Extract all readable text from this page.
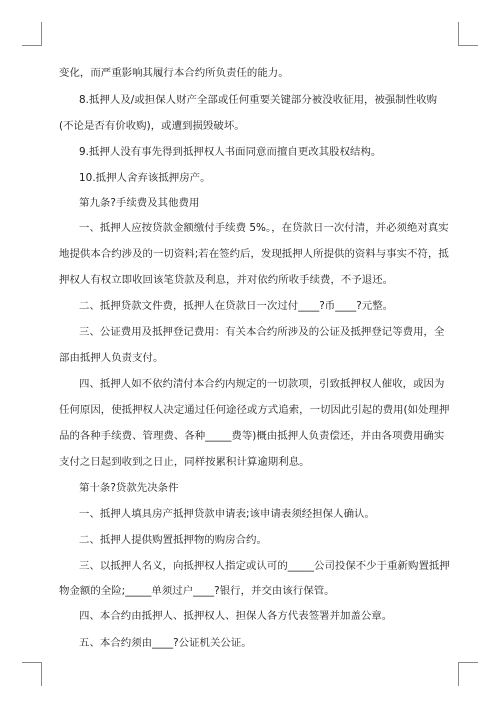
变化，而严重影响其履行本合约所负责任的能力。
8.抵押人及/或担保人财产全部或任何重要关键部分被没收征用，被强制性收购
(不论是否有价收购)，或遭到损毁破坏。
9.抵押人没有事先得到抵押权人书面同意而擅自更改其股权结构。
10.抵押人舍弃该抵押房产。
第九条?手续费及其他费用
一、抵押人应按贷款金额缴付手续费 5%。，在贷款日一次付清，并必须绝对真实
地提供本合约涉及的一切资料;若在签约后，发现抵押人所提供的资料与事实不符，抵
押权人有权立即收回该笔贷款及利息，并对依约所收手续费，不予退还。
二、抵押贷款文件费，抵押人在贷款日一次过付____?币____?元整。
三、公证费用及抵押登记费用：有关本合约所涉及的公证及抵押登记等费用，全
部由抵押人负责支付。
四、抵押人如不依约清付本合约内规定的一切款项，引致抵押权人催收，或因为
任何原因，使抵押权人决定通过任何途径或方式追索，一切因此引起的费用(如处理押
品的各种手续费、管理费、各种_____费等)概由抵押人负责偿还，并由各项费用确实
支付之日起到收到之日止，同样按累积计算逾期利息。
第十条?贷款先决条件
一、抵押人填具房产抵押贷款申请表;该申请表须经担保人确认。
二、抵押人提供购置抵押物的购房合约。
三、以抵押人名义，向抵押权人指定或认可的_____公司投保不少于重新购置抵押
物金额的全险;_____单须过户____?银行，并交由该行保管。
四、本合约由抵押人、抵押权人、担保人各方代表签署并加盖公章。
五、本合约须由____?公证机关公证。
